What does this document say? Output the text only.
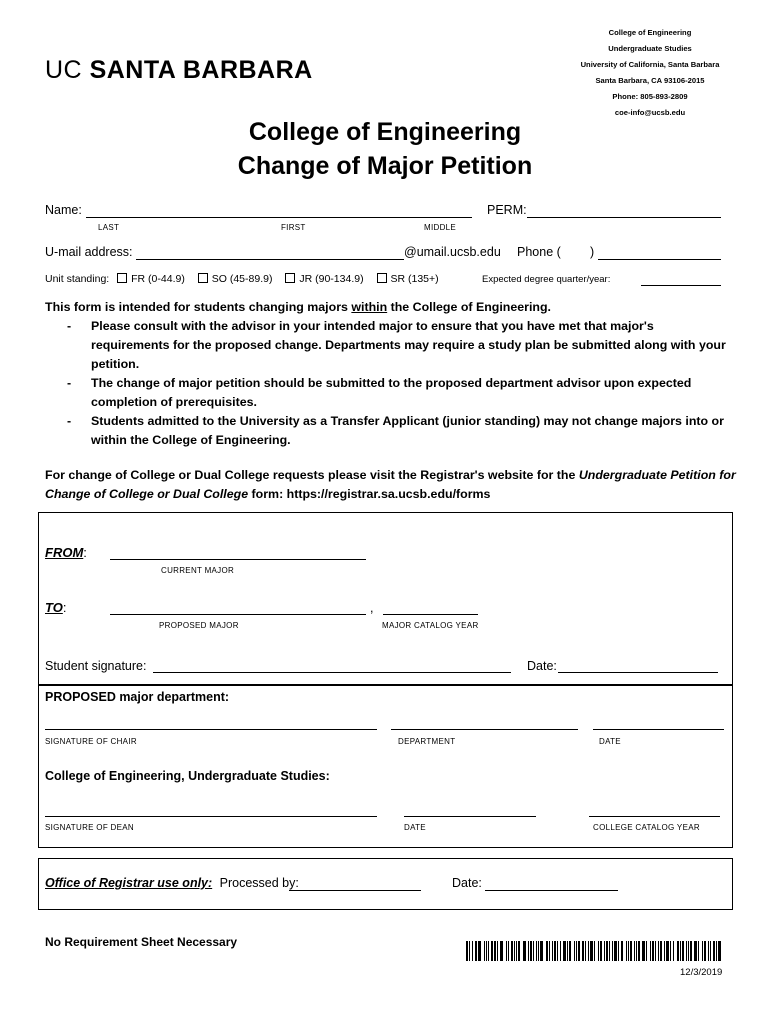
UC SANTA BARBARA
College of Engineering
Undergraduate Studies
University of California, Santa Barbara
Santa Barbara, CA 93106-2015
Phone: 805-893-2809
coe-info@ucsb.edu
College of Engineering
Change of Major Petition
Name:
LAST	FIRST	MIDDLE
PERM:
U-mail address:	@umail.ucsb.edu Phone ( )
Unit standing: FR (0-44.9)	SO (45-89.9)	JR (90-134.9)	SR (135+)	Expected degree quarter/year:
This form is intended for students changing majors within the College of Engineering.
- Please consult with the advisor in your intended major to ensure that you have met that major's requirements for the proposed change. Departments may require a study plan be submitted along with your petition.
- The change of major petition should be submitted to the proposed department advisor upon expected completion of prerequisites.
- Students admitted to the University as a Transfer Applicant (junior standing) may not change majors into or within the College of Engineering.
For change of College or Dual College requests please visit the Registrar's website for the Undergraduate Petition for Change of College or Dual College form: https://registrar.sa.ucsb.edu/forms
FROM:
CURRENT MAJOR
TO:	,
PROPOSED MAJOR	MAJOR CATALOG YEAR
Student signature:	Date:
PROPOSED major department:
SIGNATURE OF CHAIR	DEPARTMENT	DATE
College of Engineering, Undergraduate Studies:
SIGNATURE OF DEAN	DATE	COLLEGE CATALOG YEAR
Office of Registrar use only: Processed by:	Date:
No Requirement Sheet Necessary
12/3/2019
